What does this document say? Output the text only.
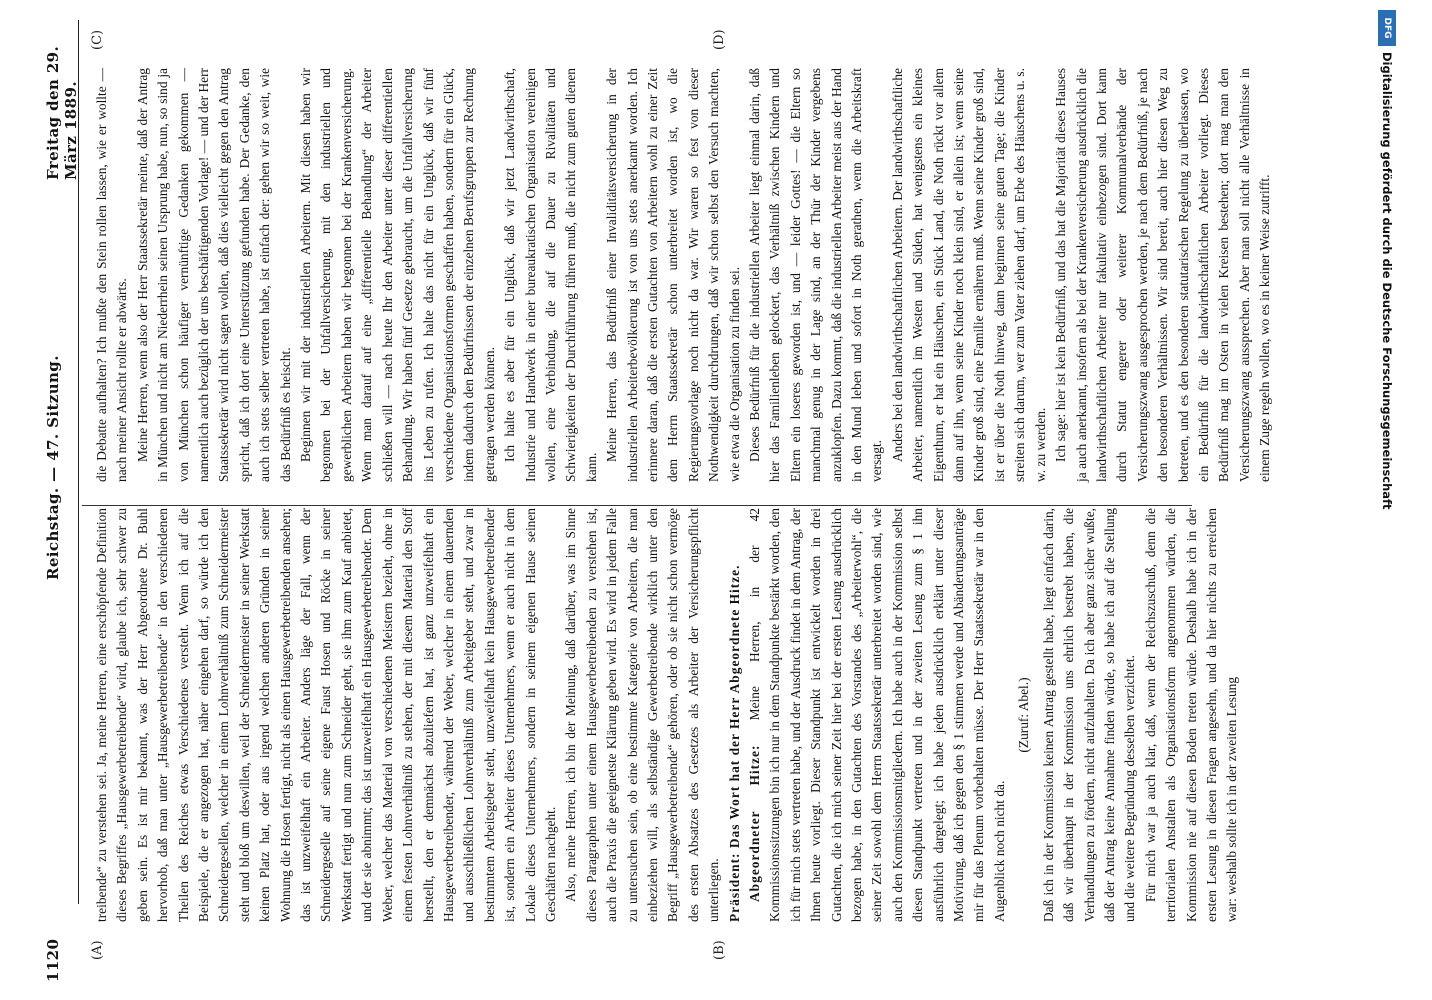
1120
Reichstag. — 47. Sitzung.
Freitag den 29. März 1889.
(A)	(B)
(C)	(D)

treibende“ zu verstehen sei. Ja, meine Herren, eine erschöpfende Definition dieses Begriffes „Hausgewerbetreibende“ wird, glaube ich, sehr schwer zu geben sein. Es ist mir bekannt, was der Herr Abgeordnete Dr. Buhl hervorhob, daß man unter „Hausgewerbetreibende“ in den verschiedenen Theilen des Reiches etwas Verschiedenes versteht. Wenn ich auf die Beispiele, die er angezogen hat, näher eingehen darf, so würde ich den Schneidergesellen, welcher in einem Lohnverhältniß zum Schneidermeister steht und bloß um deswillen, weil der Schneidermeister in seiner Werkstatt keinen Platz hat, oder aus irgend welchen anderen Gründen in seiner Wohnung die Hosen fertigt, nicht als einen Hausgewerbetreibenden ansehen; das ist unzweifelhaft ein Arbeiter. Anders läge der Fall, wenn der Schneidergeselle auf seine eigene Faust Hosen und Röcke in seiner Werkstatt fertigt und nun zum Schneider geht, sie ihm zum Kauf anbietet, und der sie abnimmt; das ist unzweifelhaft ein Hausgewerbetreibender. Dem Weber, welcher das Material von verschiedenen Meistern bezieht, ohne in einem festen Lohnverhältniß zu stehen, der mit diesem Material den Stoff herstellt, den er demnächst abzuliefern hat, ist ganz unzweifelhaft ein Hausgewerbetreibender, während der Weber, welcher in einem dauernden und ausschließlichen Lohnverhältniß zum Arbeitgeber steht, und zwar in bestimmtem Arbeitsgeber steht, unzweifelhaft kein Hausgewerbetreibender ist, sondern ein Arbeiter dieses Unternehmers, wenn er auch nicht in dem Lokale dieses Unternehmers, sondern in seinem eigenen Hause seinen Geschäften nachgeht. Also, meine Herren, ich bin der Meinung, daß darüber, was im Sinne dieses Paragraphen unter einem Hausgewerbetreibenden zu verstehen ist, auch die Praxis die geeignetste Klärung geben wird. Es wird in jedem Falle zu untersuchen sein, ob eine bestimmte Kategorie von Arbeitern, die man einbeziehen will, als selbständige Gewerbetreibende wirklich unter den Begriff „Hausgewerbetreibende“ gehören, oder ob sie nicht schon vermöge des ersten Absatzes des Gesetzes als Arbeiter der Versicherungspflicht unterliegen. Präsident: Das Wort hat der Herr Abgeordnete Hitze. Abgeordneter Hitze: Meine Herren, in der 42 Kommissionssitzungen bin ich nur in dem Standpunkte bestärkt worden, den ich für mich stets vertreten habe, und der Ausdruck findet in dem Antrag, der Ihnen heute vorliegt. Dieser Standpunkt ist entwickelt worden in drei Gutachten, die ich mich seiner Zeit hier bei der ersten Lesung ausdrücklich bezogen habe, in den Gutachten des Vorstandes des „Arbeiterwohl“, die seiner Zeit sowohl dem Herrn Staatssekretär unterbreitet worden sind, wie auch den Kommissionsmitgliedern. Ich habe auch in der Kommission selbst diesen Standpunkt vertreten und in der zweiten Lesung zum § 1 ihn ausführlich dargelegt; ich habe jeden ausdrücklich erklärt unter dieser Motivirung, daß ich gegen den § 1 stimmen werde und Abänderungsanträge mir für das Plenum vorbehalten müsse. Der Herr Staatssekretär war in den Augenblick noch nicht da.

(Zuruf: Abel.) Daß ich in der Kommission keinen Antrag gestellt habe, liegt einfach darin, daß wir überhaupt in der Kommission uns ehrlich bestrebt haben, die Verhandlungen zu fördern, nicht aufzuhalten. Da ich aber ganz sicher wußte, daß der Antrag keine Annahme finden würde, so habe ich auf die Stellung und die weitere Begründung desselben verzichtet. Für mich war ja auch klar, daß, wenn der Reichszuschuß, denn die territorialen Anstalten als Organisationsform angenommen würden, die Kommission nie auf diesen Boden treten würde. Deshalb habe ich in der ersten Lesung in diesen Fragen angesehn, und da hier nichts zu erreichen war: weshalb sollte ich in der zweiten Lesung

die Debatte aufhalten? Ich mußte den Stein rollen lassen, wie er wollte — nach meiner Ansicht rollte er abwärts. Meine Herren, wenn also der Herr Staatssekretär meinte, daß der Antrag in München und nicht am Niederrhein seinen Ursprung habe, nun, so sind ja von München schon häufiger vernünftige Gedanken gekommen — namentlich auch bezüglich der uns beschäftigenden Vorlage! — und der Herr Staatssekretär wird nicht sagen wollen, daß dies vielleicht gegen den Antrag spricht, daß ich dort eine Unterstützung gefunden habe. Der Gedanke, den auch ich stets selber vertreten habe, ist einfach der: gehen wir so weit, wie das Bedürfniß es heischt. Beginnen wir mit der industriellen Arbeitern. Mit diesen haben wir begonnen bei der Unfallversicherung, mit den industriellen und gewerblichen Arbeitern haben wir begonnen bei der Krankenversicherung. Wenn man darauf auf eine „differentielle Behandlung“ der Arbeiter schließen will — nach heute Ihr den Arbeiter unter dieser differentiellen Behandlung. Wir haben fünf Gesetze gebraucht, um die Unfallversicherung ins Leben zu rufen. Ich halte das nicht für ein Unglück, daß wir fünf verschiedene Organisationsformen geschaffen haben, sondern für ein Glück, indem dadurch den Bedürfnissen der einzelnen Berufsgruppen zur Rechnung getragen werden können. Ich halte es aber für ein Unglück, daß wir jetzt Landwirthschaft, Industrie und Handwerk in einer bureaukratischen Organisation vereinigen wollen, eine Verbindung, die auf die Dauer zu Rivalitäten und Schwierigkeiten der Durchführung führen muß, die nicht zum guten dienen kann.

Meine Herren, das Bedürfniß einer Invaliditätsversicherung in der industriellen Arbeiterbevölkerung ist von uns stets anerkannt worden. Ich erinnere daran, daß die ersten Gutachten von Arbeitern wohl zu einer Zeit dem Herrn Staatssekretär schon unterbreitet worden ist, wo die Regierungsvorlage noch nicht da war. Wir waren so fest von dieser Nothwendigkeit durchdrungen, daß wir schon selbst den Versuch machten, wie etwa die Organisation zu finden sei. Dieses Bedürfniß für die industriellen Arbeiter liegt einmal darin, daß hier das Familienleben gelockert, das Verhältniß zwischen Kindern und Eltern ein loseres geworden ist, und — leider Gottes! — die Eltern so manchmal genug in der Lage sind, an der Thür der Kinder vergebens anzuklopfen. Dazu kommt, daß die industriellen Arbeiter meist aus der Hand in den Mund leben und sofort in Noth gerathen, wenn die Arbeitskraft versagt. Anders bei den landwirthschaftlichen Arbeitern. Der landwirthschaftliche Arbeiter, namentlich im Westen und Süden, hat wenigstens ein kleines Eigenthum, er hat ein Häuschen, ein Stück Land, die Noth rückt vor allem dann auf ihn, wenn seine Kinder noch klein sind, er allein ist; wenn seine Kinder groß sind, eine Familie ernähren muß. Wenn seine Kinder groß sind, ist er über die Noth hinweg, dann beginnen seine guten Tage; die Kinder streiten sich darum, wer zum Vater ziehen darf, um Erbe des Häuschens u. s. w. zu werden. Ich sage: hier ist kein Bedürfniß, und das hat die Majorität dieses Hauses ja auch anerkannt, insofern als bei der Krankenversicherung ausdrücklich die landwirthschaftlichen Arbeiter nur fakultativ einbezogen sind. Dort kann durch Statut engerer oder weiterer Kommunalverbände der Versicherungszwang ausgesprochen werden, je nach dem Bedürfniß, je nach den besonderen Verhältnissen. Wir sind bereit, auch hier diesen Weg zu betreten, und es den besonderen statutarischen Regelung zu überlassen, wo ein Bedürfniß für die landwirthschaftlichen Arbeiter vorliegt. Dieses Bedürfniß mag im Osten in vielen Kreisen bestehen; dort mag man den Versicherungszwang aussprechen. Aber man soll nicht alle Verhältnisse in einem Zuge regeln wollen, wo es in keiner Weise zutrifft.

DFG
Digitalisierung gefördert durch die Deutsche Forschungsgemeinschaft
